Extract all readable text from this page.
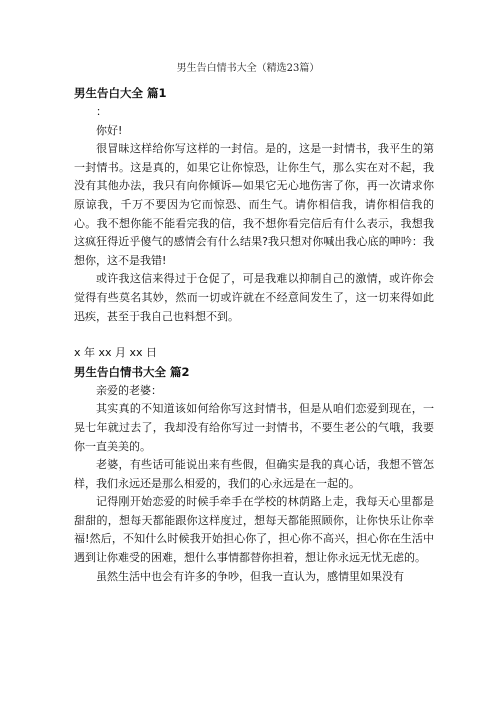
男生告白情书大全（精选23篇）

男生告白大全 篇1

：

你好!

很冒昧这样给你写这样的一封信。是的，这是一封情书，我平生的第一封情书。这是真的，如果它让你惊恐，让你生气，那么实在对不起，我没有其他办法，我只有向你倾诉—如果它无心地伤害了你，再一次请求你原谅我，千万不要因为它而惊恐、而生气。请你相信我，请你相信我的心。我不想你能不能看完我的信，我不想你看完信后有什么表示，我想我这疯狂得近乎傻气的感情会有什么结果?我只想对你喊出我心底的呻吟：我想你，这不是我错!

或许我这信来得过于仓促了，可是我难以抑制自己的激情，或许你会觉得有些莫名其妙，然而一切或许就在不经意间发生了，这一切来得如此迅疾，甚至于我自己也料想不到。

x 年 xx 月 xx 日

男生告白情书大全 篇2

亲爱的老婆：

其实真的不知道该如何给你写这封情书，但是从咱们恋爱到现在，一晃七年就过去了，我却没有给你写过一封情书，不要生老公的气哦，我要你一直美美的。

老婆，有些话可能说出来有些假，但确实是我的真心话，我想不管怎样，我们永远还是那么相爱的，我们的心永远是在一起的。

记得刚开始恋爱的时候手牵手在学校的林荫路上走，我每天心里都是甜甜的，想每天都能跟你这样度过，想每天都能照顾你，让你快乐让你幸福!然后，不知什么时候我开始担心你了，担心你不高兴，担心你在生活中遇到让你难受的困难，想什么事情都替你担着，想让你永远无忧无虑的。

虽然生活中也会有许多的争吵，但我一直认为，感情里如果没有
